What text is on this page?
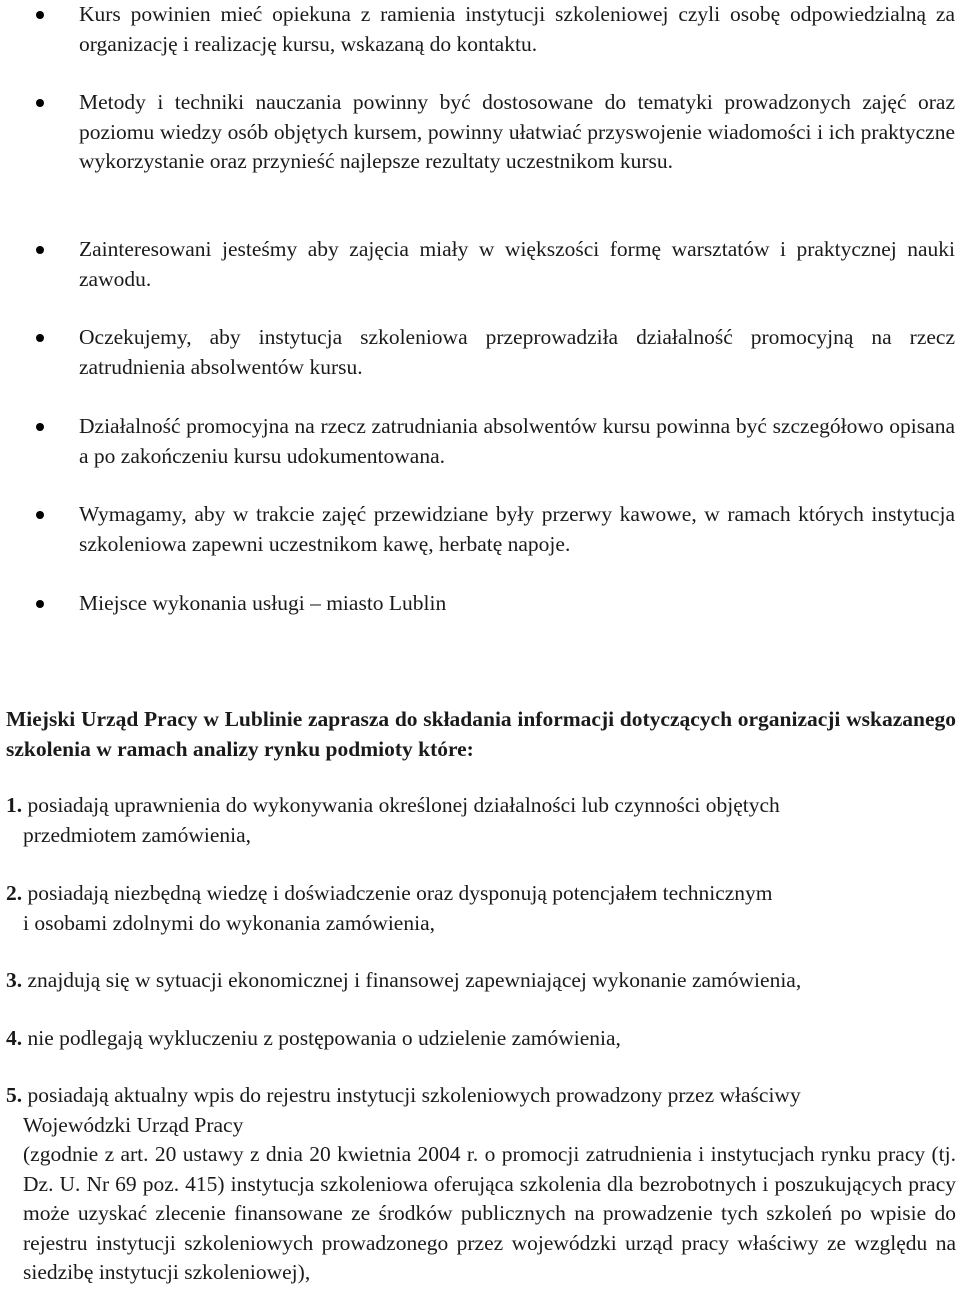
Kurs powinien mieć opiekuna z ramienia instytucji szkoleniowej czyli osobę odpowiedzialną za organizację i realizację kursu, wskazaną do kontaktu.
Metody i techniki nauczania powinny być dostosowane do tematyki prowadzonych zajęć oraz poziomu wiedzy osób objętych kursem, powinny ułatwiać przyswojenie wiadomości i ich praktyczne wykorzystanie oraz przynieść najlepsze rezultaty uczestnikom kursu.
Zainteresowani jesteśmy aby zajęcia miały w większości formę warsztatów i praktycznej nauki zawodu.
Oczekujemy, aby instytucja szkoleniowa przeprowadziła działalność promocyjną na rzecz zatrudnienia absolwentów kursu.
Działalność promocyjna na rzecz zatrudniania absolwentów kursu powinna być szczegółowo opisana a po zakończeniu kursu udokumentowana.
Wymagamy, aby w trakcie zajęć przewidziane były przerwy kawowe, w ramach których instytucja szkoleniowa zapewni uczestnikom kawę, herbatę napoje.
Miejsce wykonania usługi – miasto Lublin
Miejski Urząd Pracy w Lublinie zaprasza do składania informacji dotyczących organizacji wskazanego szkolenia w ramach analizy rynku podmioty które:
1. posiadają uprawnienia do wykonywania określonej działalności lub czynności objętych
przedmiotem zamówienia,
2. posiadają niezbędną wiedzę i doświadczenie oraz dysponują potencjałem technicznym
i osobami zdolnymi do wykonania zamówienia,
3. znajdują się w sytuacji ekonomicznej i finansowej zapewniającej wykonanie zamówienia,
4. nie podlegają wykluczeniu z postępowania o udzielenie zamówienia,
5. posiadają aktualny wpis do rejestru instytucji szkoleniowych prowadzony przez właściwy
Wojewódzki Urząd Pracy
(zgodnie z art. 20 ustawy z dnia 20 kwietnia 2004 r. o promocji zatrudnienia i instytucjach rynku pracy (tj. Dz. U. Nr 69 poz. 415) instytucja szkoleniowa oferująca szkolenia dla bezrobotnych i poszukujących pracy może uzyskać zlecenie finansowane ze środków publicznych na prowadzenie tych szkoleń po wpisie do rejestru instytucji szkoleniowych prowadzonego przez wojewódzki urząd pracy właściwy ze względu na siedzibę instytucji szkoleniowej),
